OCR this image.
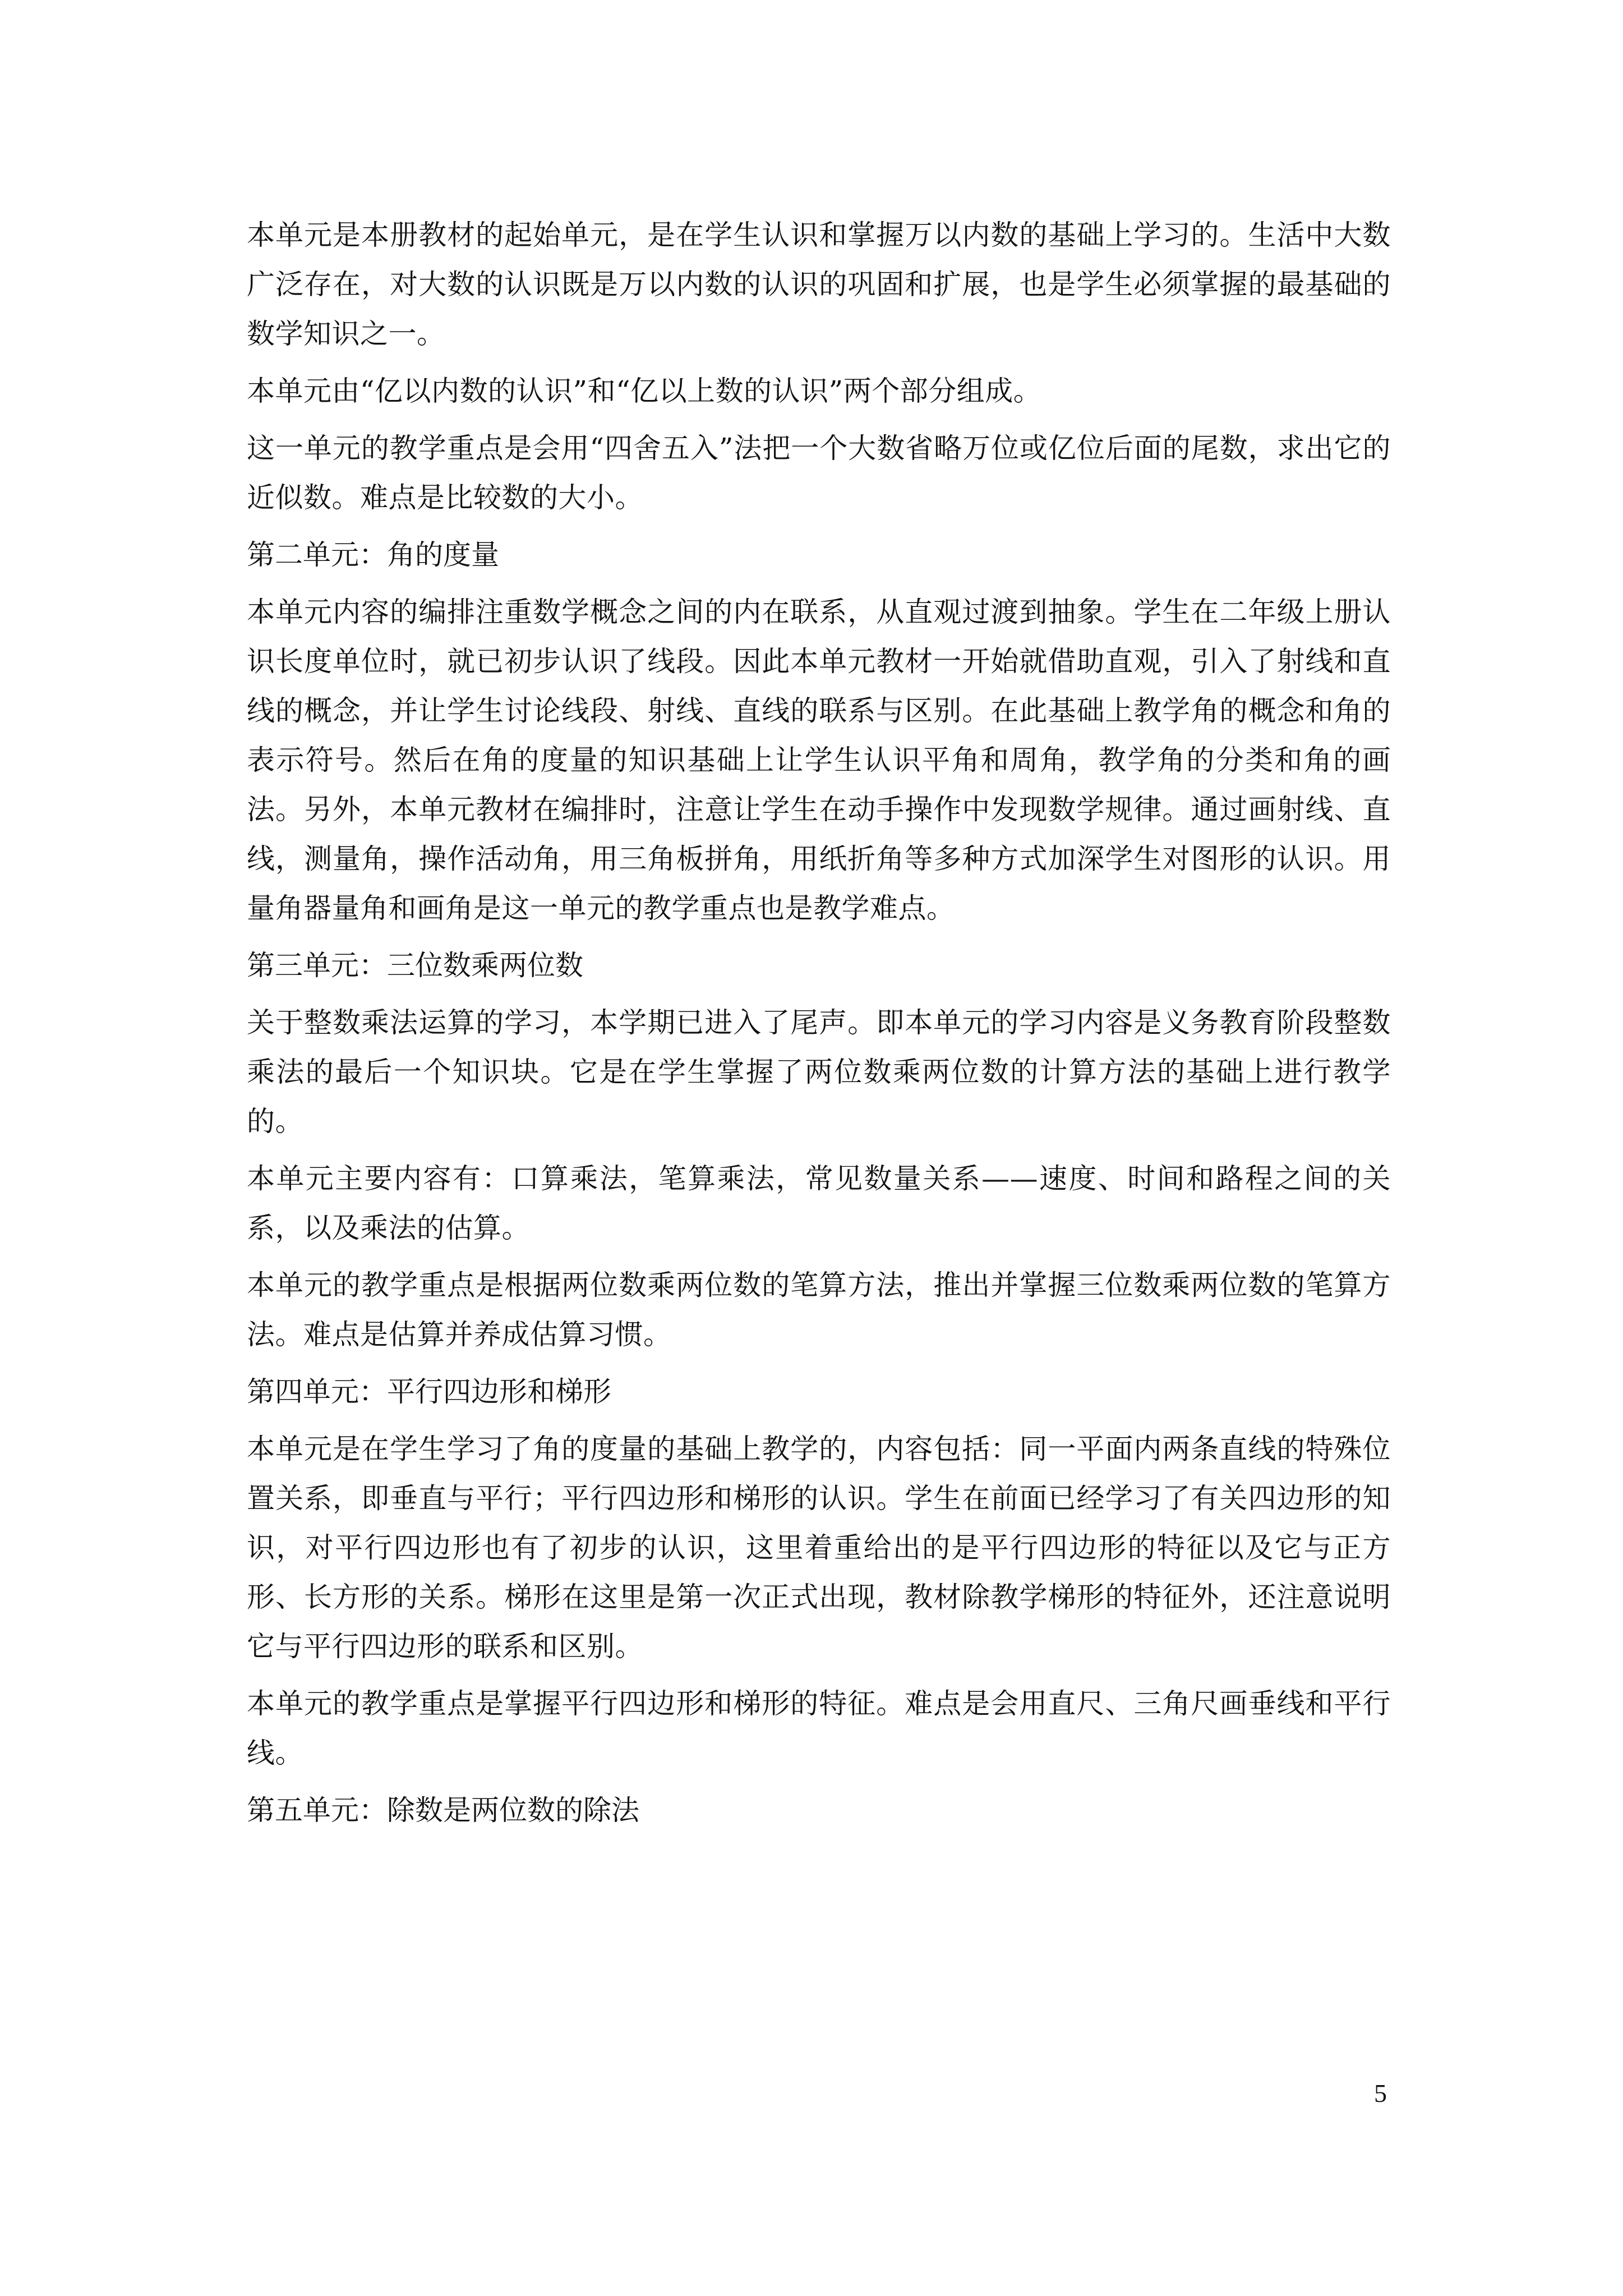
本单元是本册教材的起始单元，是在学生认识和掌握万以内数的基础上学习的。生活中大数广泛存在，对大数的认识既是万以内数的认识的巩固和扩展，也是学生必须掌握的最基础的数学知识之一。

本单元由“亿以内数的认识”和“亿以上数的认识”两个部分组成。

这一单元的教学重点是会用“四舍五入”法把一个大数省略万位或亿位后面的尾数，求出它的近似数。难点是比较数的大小。

第二单元：角的度量

本单元内容的编排注重数学概念之间的内在联系，从直观过渡到抽象。学生在二年级上册认识长度单位时，就已初步认识了线段。因此本单元教材一开始就借助直观，引入了射线和直线的概念，并让学生讨论线段、射线、直线的联系与区别。在此基础上教学角的概念和角的表示符号。然后在角的度量的知识基础上让学生认识平角和周角，教学角的分类和角的画法。另外，本单元教材在编排时，注意让学生在动手操作中发现数学规律。通过画射线、直线，测量角，操作活动角，用三角板拼角，用纸折角等多种方式加深学生对图形的认识。用量角器量角和画角是这一单元的教学重点也是教学难点。

第三单元：三位数乘两位数

关于整数乘法运算的学习，本学期已进入了尾声。即本单元的学习内容是义务教育阶段整数乘法的最后一个知识块。它是在学生掌握了两位数乘两位数的计算方法的基础上进行教学的。

本单元主要内容有：口算乘法，笔算乘法，常见数量关系——速度、时间和路程之间的关系，以及乘法的估算。

本单元的教学重点是根据两位数乘两位数的笔算方法，推出并掌握三位数乘两位数的笔算方法。难点是估算并养成估算习惯。

第四单元：平行四边形和梯形

本单元是在学生学习了角的度量的基础上教学的，内容包括：同一平面内两条直线的特殊位置关系，即垂直与平行；平行四边形和梯形的认识。学生在前面已经学习了有关四边形的知识，对平行四边形也有了初步的认识，这里着重给出的是平行四边形的特征以及它与正方形、长方形的关系。梯形在这里是第一次正式出现，教材除教学梯形的特征外，还注意说明它与平行四边形的联系和区别。

本单元的教学重点是掌握平行四边形和梯形的特征。难点是会用直尺、三角尺画垂线和平行线。

第五单元：除数是两位数的除法

5
